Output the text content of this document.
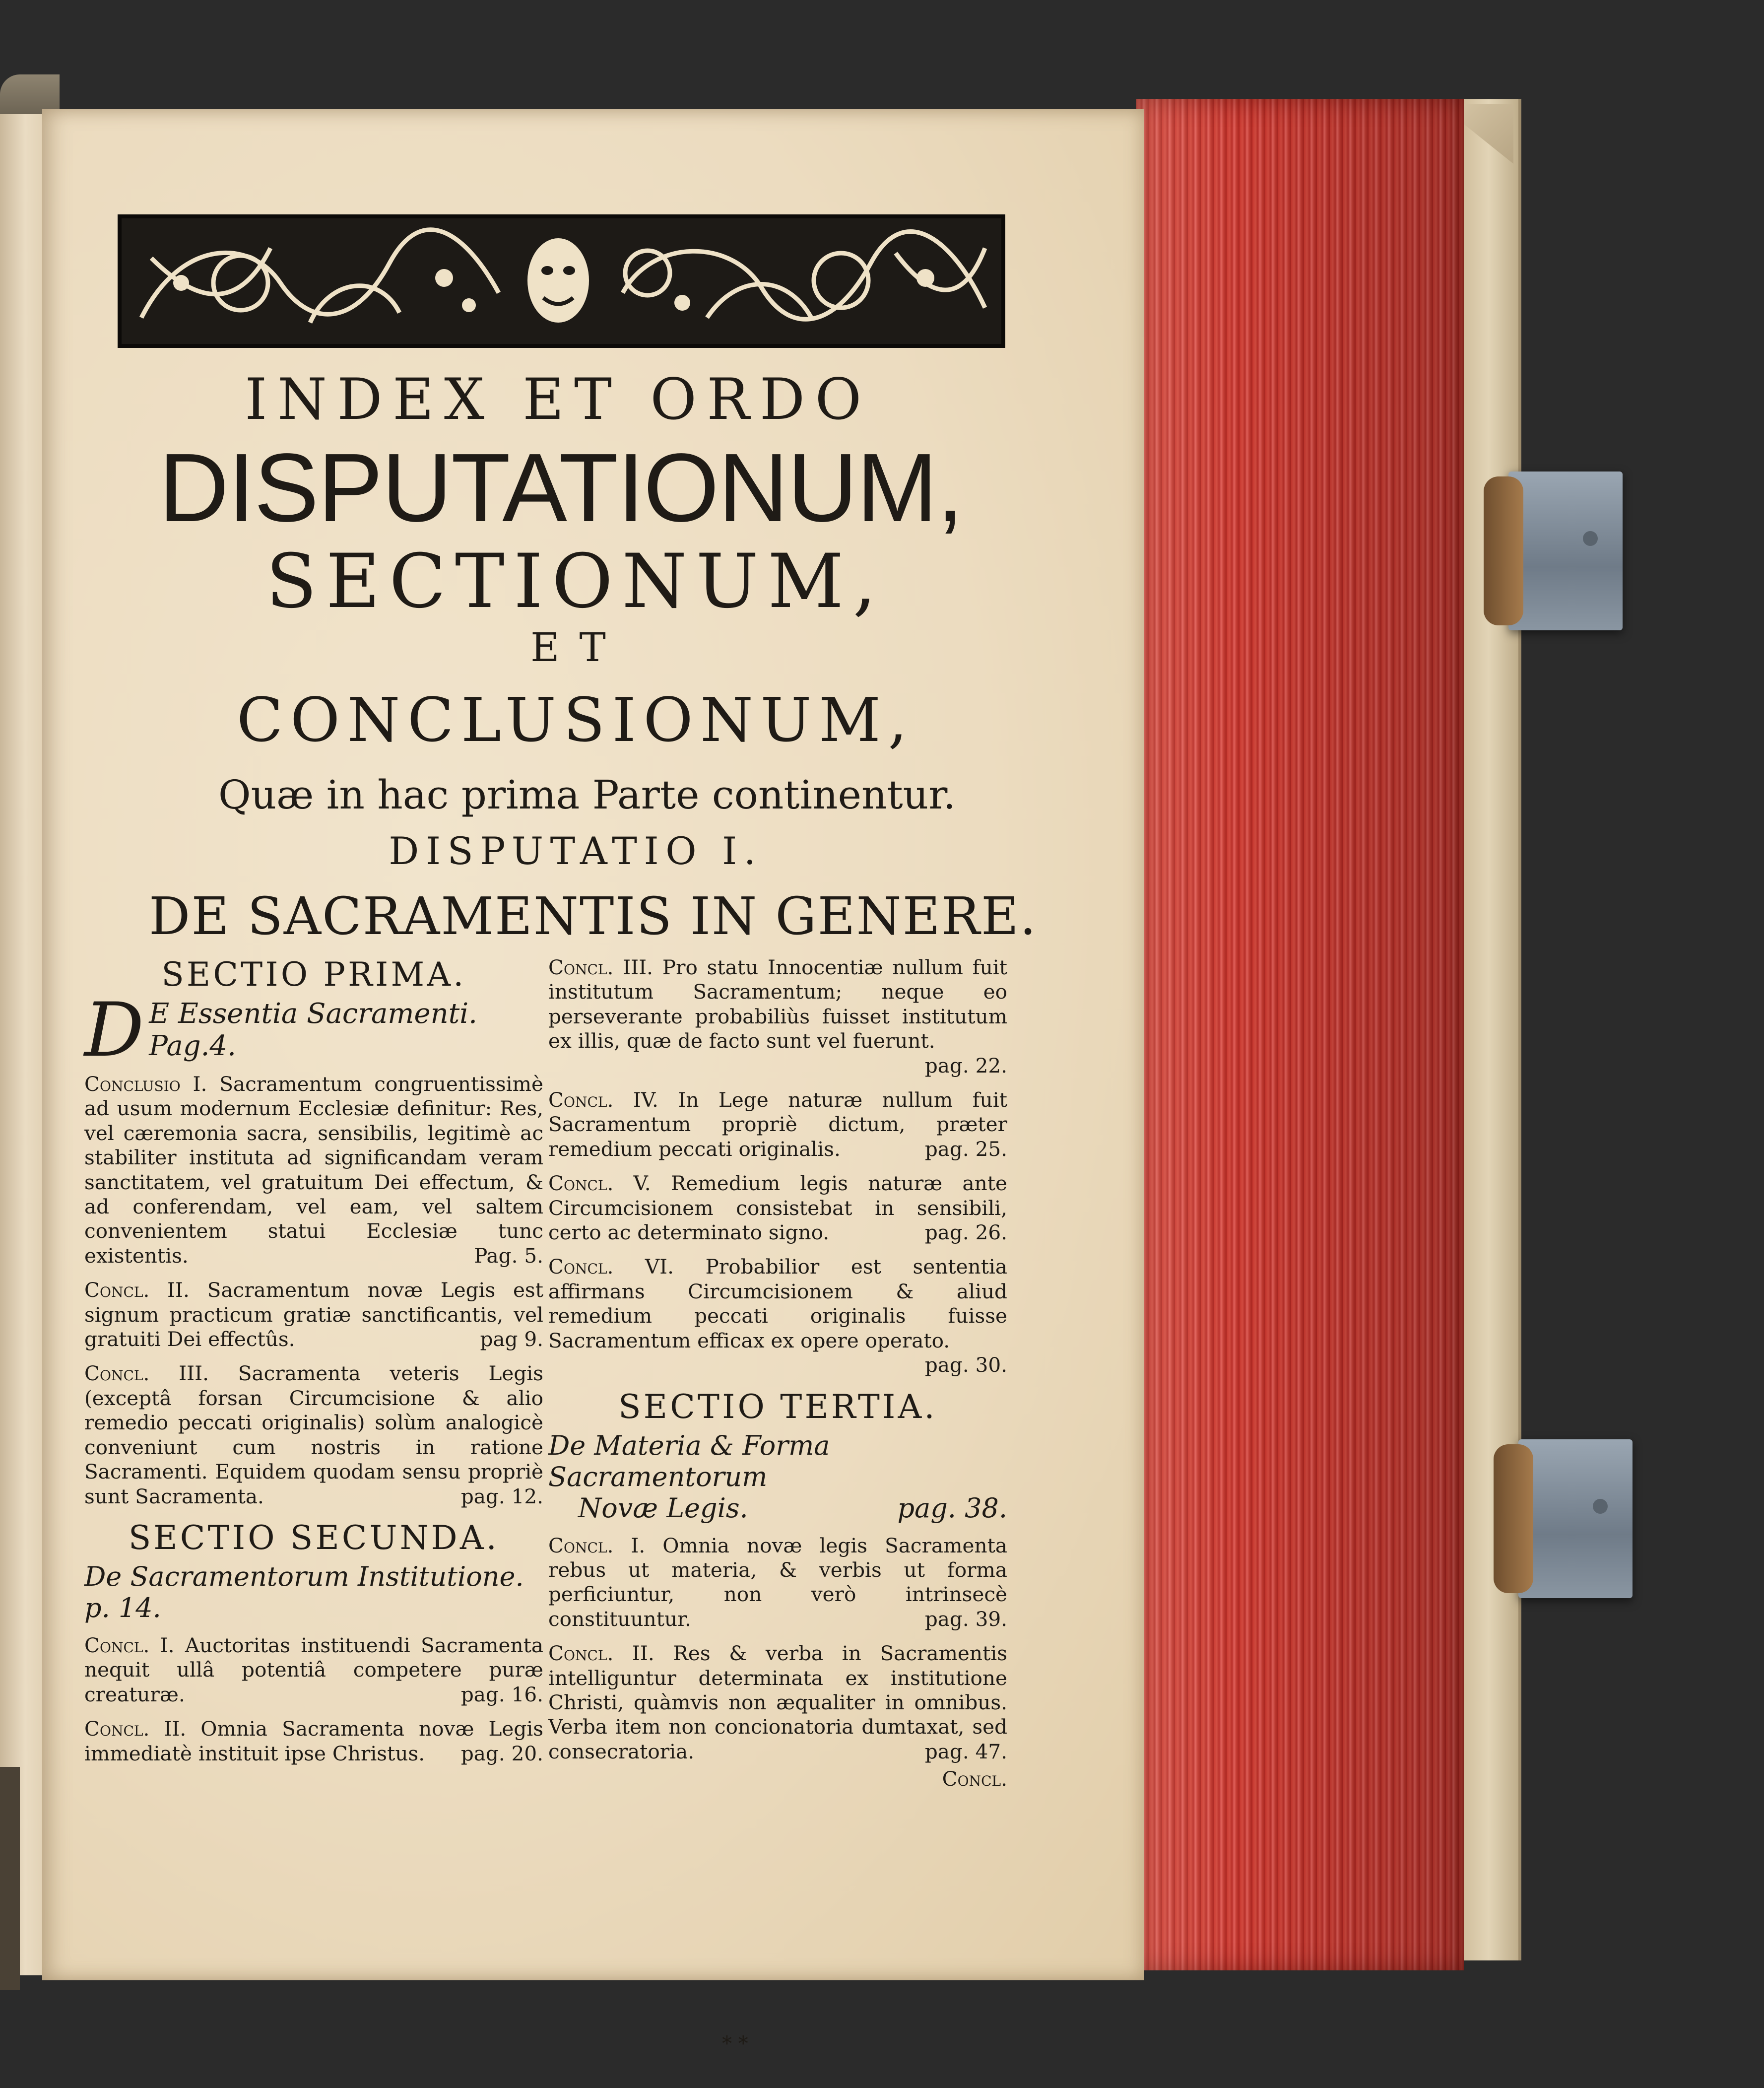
INDEX ET ORDO

DISPUTATIONUM,

SECTIONUM,

ET

CONCLUSIONUM,

Quæ in hac prima Parte continentur.

DISPUTATIO I.

DE SACRAMENTIS IN GENERE.

SECTIO PRIMA.

D E Essentia Sacramenti. Pag.4.

Conclusio I. Sacramentum congruentissimè ad usum modernum Ecclesiæ definitur: Res, vel cæremonia sacra, sensibilis, legitimè ac stabiliter instituta ad significandam veram sanctitatem, vel gratuitum Dei effectum, & ad conferendam, vel eam, vel saltem convenientem statui Ecclesiæ tunc existentis.	Pag. 5.

Concl. II. Sacramentum novæ Legis est signum practicum gratiæ sanctificantis, vel gratuiti Dei effectûs.	pag 9.

Concl. III. Sacramenta veteris Legis (exceptâ forsan Circumcisione & alio remedio peccati originalis) solùm analogicè conveniunt cum nostris in ratione Sacramenti. Equidem quodam sensu propriè sunt Sacramenta.	pag. 12.

SECTIO SECUNDA.

De Sacramentorum Institutione. p. 14.

Concl. I. Auctoritas instituendi Sacramenta nequit ullâ potentiâ competere puræ creaturæ.	pag. 16.

Concl. II. Omnia Sacramenta novæ Legis immediatè instituit ipse Christus. pag. 20.

Concl. III. Pro statu Innocentiæ nullum fuit institutum Sacramentum; neque eo perseverante probabiliùs fuisset institutum ex illis, quæ de facto sunt vel fuerunt.
pag. 22.

Concl. IV. In Lege naturæ nullum fuit Sacramentum propriè dictum, præter remedium peccati originalis.	pag. 25.

Concl. V. Remedium legis naturæ ante Circumcisionem consistebat in sensibili, certo ac determinato signo.	pag. 26.

Concl. VI. Probabilior est sententia affirmans Circumcisionem & aliud remedium peccati originalis fuisse Sacramentum efficax ex opere operato.
pag. 30.

SECTIO TERTIA.

De Materia & Forma Sacramentorum

Novæ Legis.	pag. 38.

Concl. I. Omnia novæ legis Sacramenta rebus ut materia, & verbis ut forma perficiuntur, non verò intrinsecè constituuntur.	pag. 39.

Concl. II. Res & verba in Sacramentis intelliguntur determinata ex institutione Christi, quàmvis non æqualiter in omnibus. Verba item non concionatoria dumtaxat, sed consecratoria.	pag. 47.

Concl.

* *
